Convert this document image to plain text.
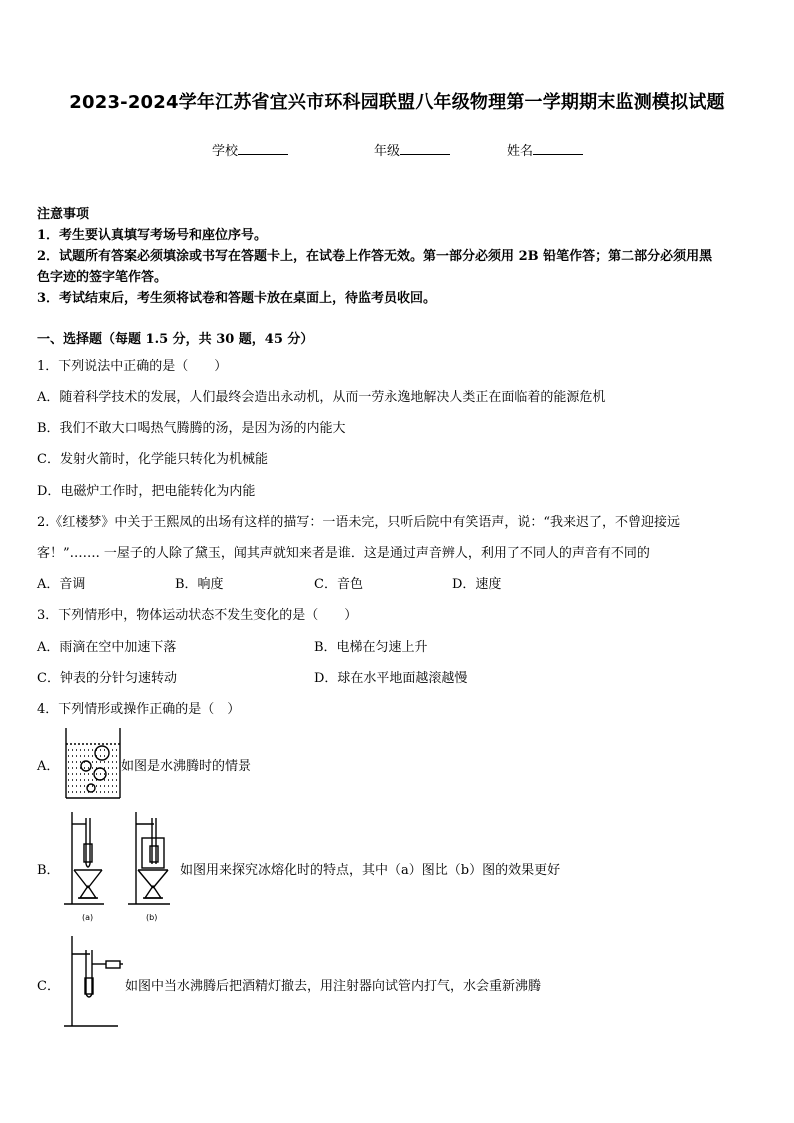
2023-2024学年江苏省宜兴市环科园联盟八年级物理第一学期期末监测模拟试题
学校	年级	姓名
注意事项
1．考生要认真填写考场号和座位序号。
2．试题所有答案必须填涂或书写在答题卡上，在试卷上作答无效。第一部分必须用 2B 铅笔作答；第二部分必须用黑
色字迹的签字笔作答。
3．考试结束后，考生须将试卷和答题卡放在桌面上，待监考员收回。
一、选择题（每题 1.5 分，共 30 题，45 分）
1．下列说法中正确的是（　　）
A．随着科学技术的发展，人们最终会造出永动机，从而一劳永逸地解决人类正在面临着的能源危机
B．我们不敢大口喝热气腾腾的汤，是因为汤的内能大
C．发射火箭时，化学能只转化为机械能
D．电磁炉工作时，把电能转化为内能
2.《红楼梦》中关于王熙凤的出场有这样的描写：一语未完，只听后院中有笑语声，说：“我来迟了，不曾迎接远
客！”……. 一屋子的人除了黛玉，闻其声就知来者是谁．这是通过声音辨人，利用了不同人的声音有不同的
A．音调	B．响度	C．音色	D．速度
3．下列情形中，物体运动状态不发生变化的是（　　）
A．雨滴在空中加速下落	B．电梯在匀速上升
C．钟表的分针匀速转动	D．球在水平地面越滚越慢
4．下列情形或操作正确的是（　）
A．	如图是水沸腾时的情景
B．
(a)	(b)
如图用来探究冰熔化时的特点，其中（a）图比（b）图的效果更好
C．	如图中当水沸腾后把酒精灯撤去，用注射器向试管内打气，水会重新沸腾
